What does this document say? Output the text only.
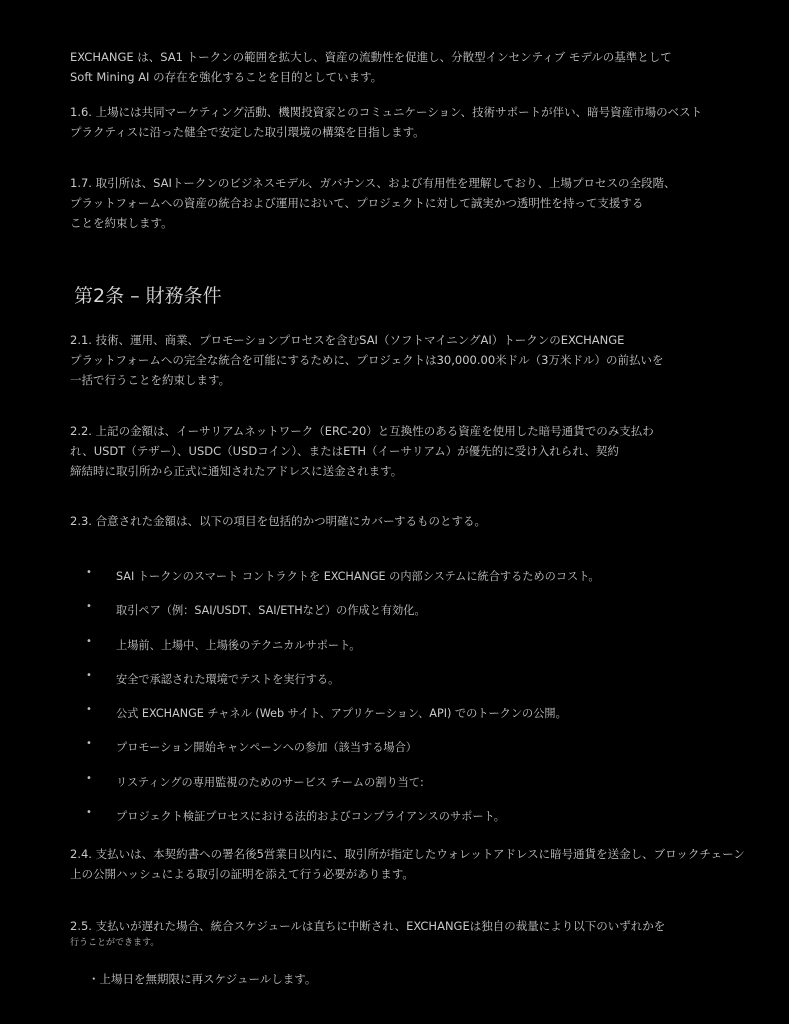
EXCHANGE は、SA1 トークンの範囲を拡大し、資産の流動性を促進し、分散型インセンティブ モデルの基準として
Soft Mining AI の存在を強化することを目的としています。

1.6. 上場には共同マーケティング活動、機関投資家とのコミュニケーション、技術サポートが伴い、暗号資産市場のベスト
プラクティスに沿った健全で安定した取引環境の構築を目指します。

1.7. 取引所は、SAIトークンのビジネスモデル、ガバナンス、および有用性を理解しており、上場プロセスの全段階、
プラットフォームへの資産の統合および運用において、プロジェクトに対して誠実かつ透明性を持って支援する
ことを約束します。

第2条 – 財務条件

2.1. 技術、運用、商業、プロモーションプロセスを含むSAI（ソフトマイニングAI）トークンのEXCHANGE
プラットフォームへの完全な統合を可能にするために、プロジェクトは30,000.00米ドル（3万米ドル）の前払いを
一括で行うことを約束します。

2.2. 上記の金額は、イーサリアムネットワーク（ERC-20）と互換性のある資産を使用した暗号通貨でのみ支払わ
れ、USDT（テザー）、USDC（USDコイン）、またはETH（イーサリアム）が優先的に受け入れられ、契約
締結時に取引所から正式に通知されたアドレスに送金されます。

2.3. 合意された金額は、以下の項目を包括的かつ明確にカバーするものとする。

• SAI トークンのスマート コントラクトを EXCHANGE の内部システムに統合するためのコスト。
• 取引ペア（例：SAI/USDT、SAI/ETHなど）の作成と有効化。
• 上場前、上場中、上場後のテクニカルサポート。
• 安全で承認された環境でテストを実行する。
• 公式 EXCHANGE チャネル (Web サイト、アプリケーション、API) でのトークンの公開。
• プロモーション開始キャンペーンへの参加（該当する場合）
• リスティングの専用監視のためのサービス チームの割り当て:
• プロジェクト検証プロセスにおける法的およびコンプライアンスのサポート。

2.4. 支払いは、本契約書への署名後5営業日以内に、取引所が指定したウォレットアドレスに暗号通貨を送金し、ブロックチェーン
上の公開ハッシュによる取引の証明を添えて行う必要があります。

2.5. 支払いが遅れた場合、統合スケジュールは直ちに中断され、EXCHANGEは独自の裁量により以下のいずれかを
行うことができます。

・上場日を無期限に再スケジュールします。
